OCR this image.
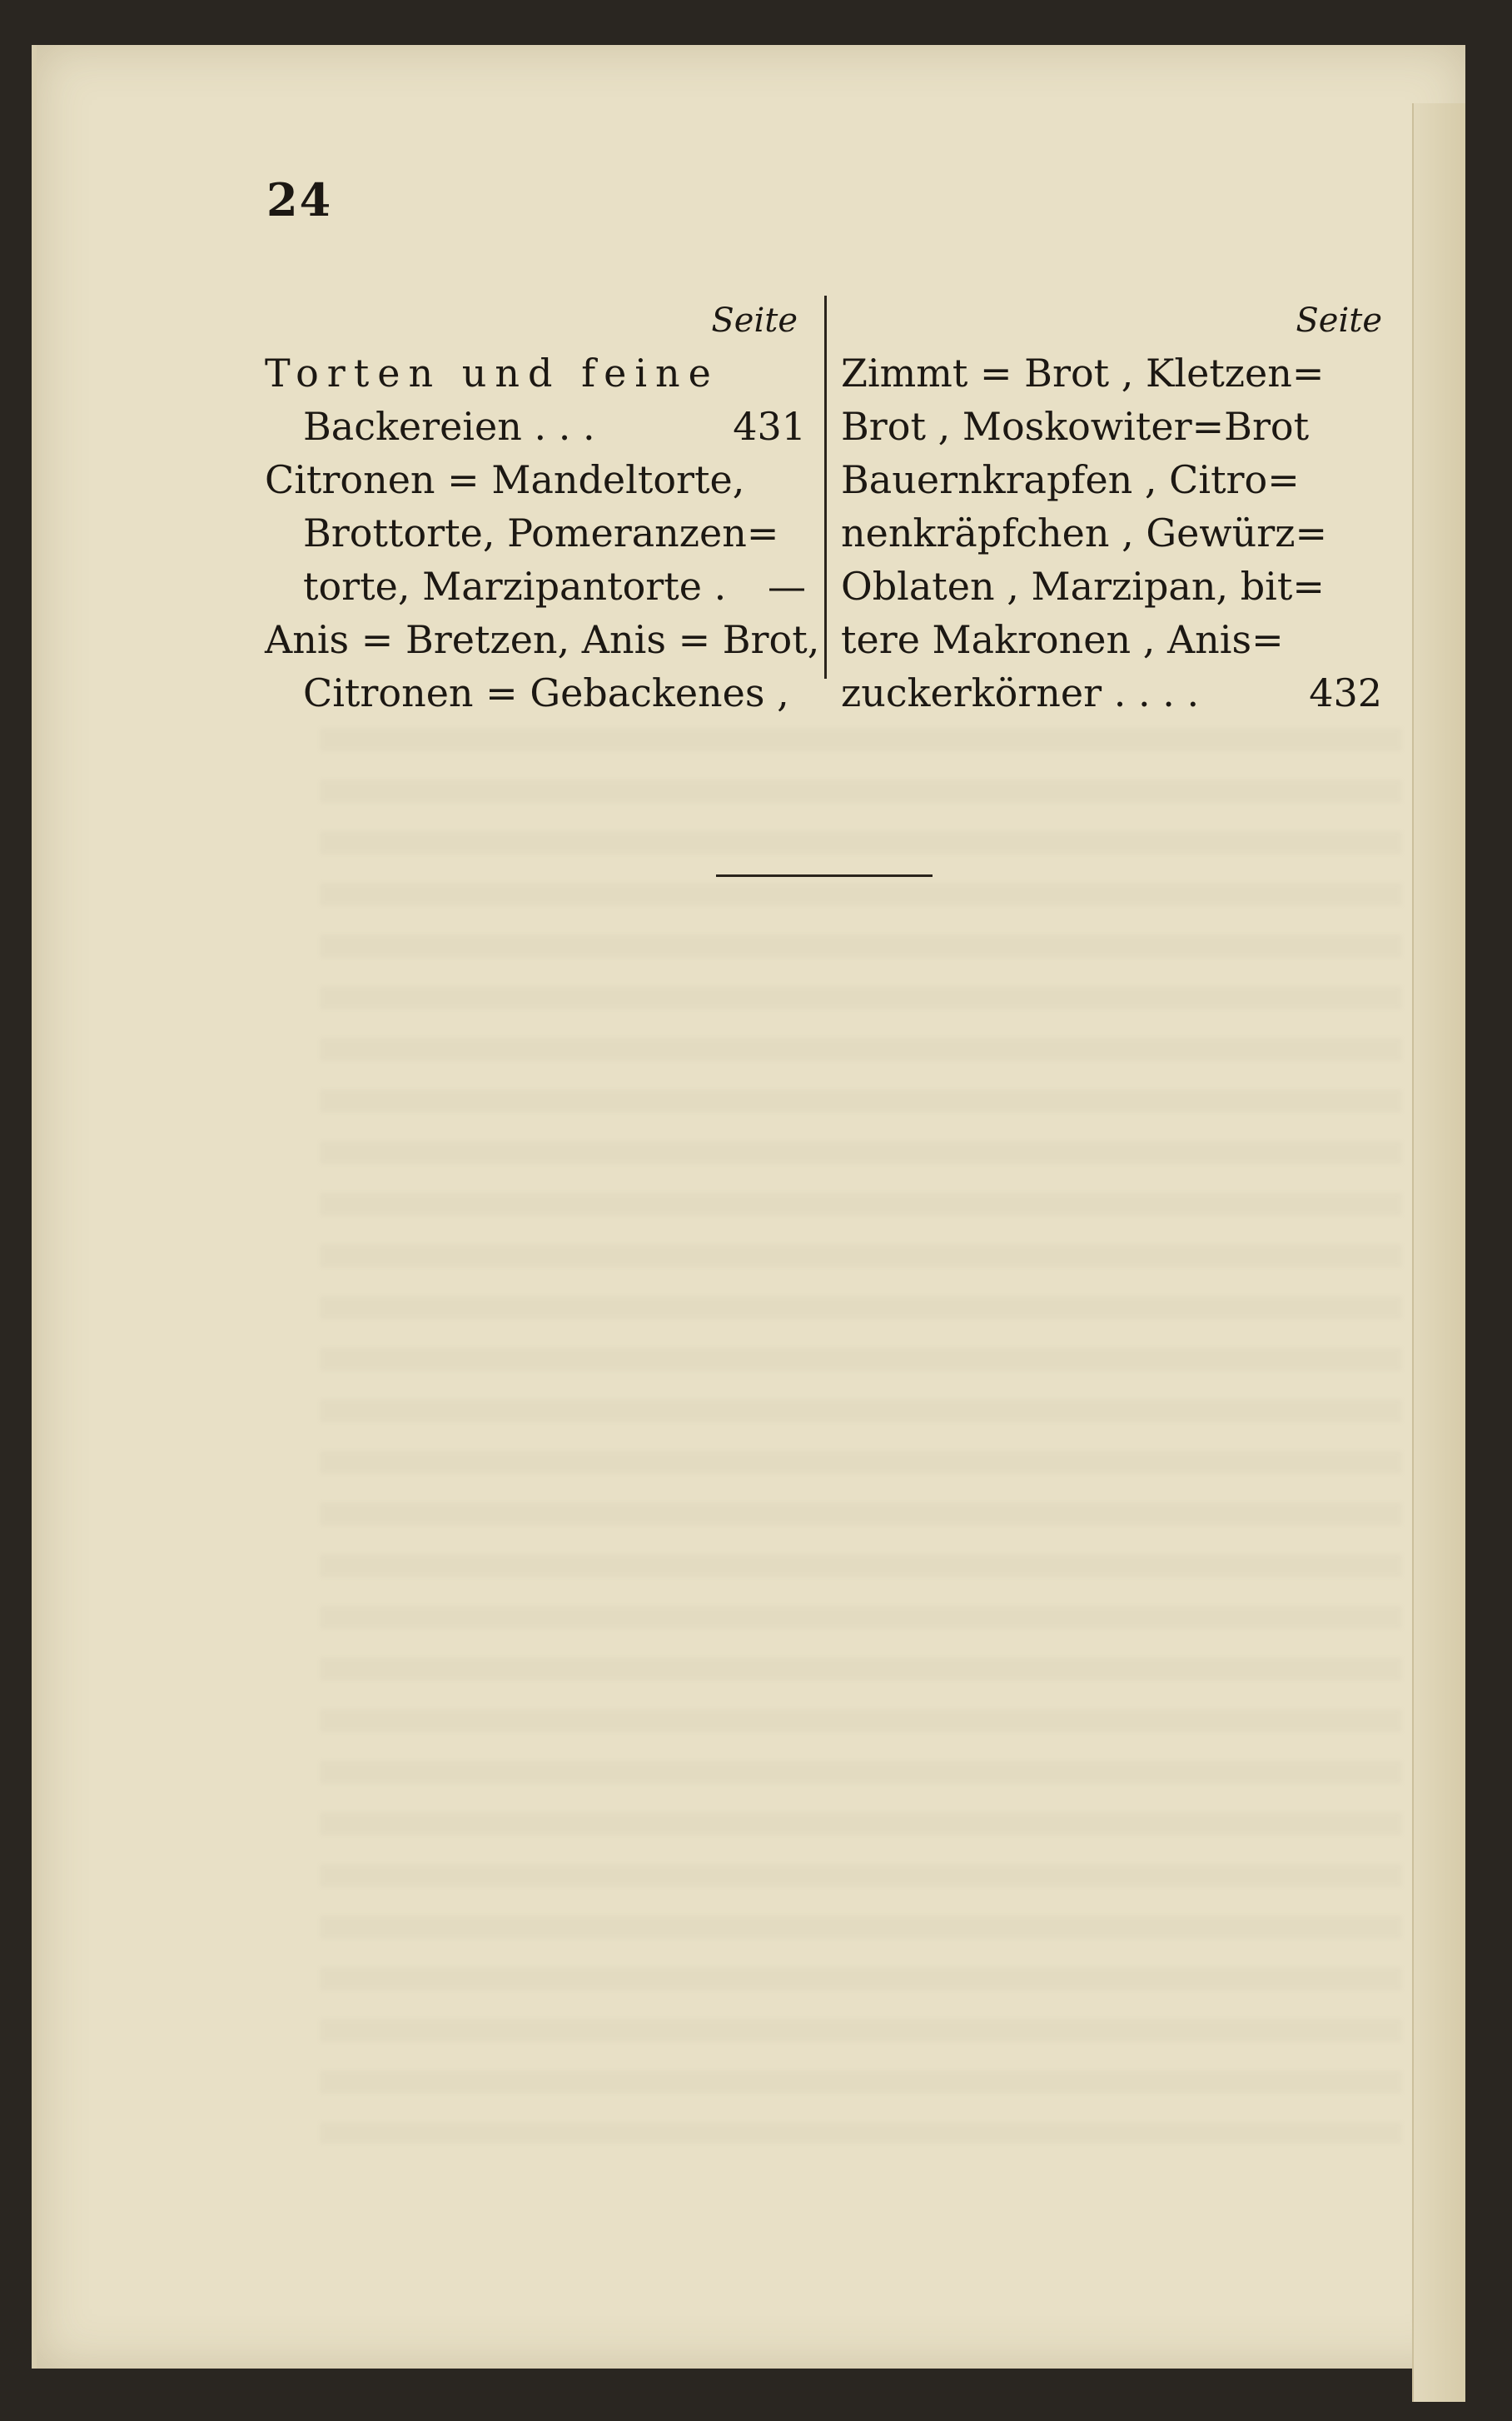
24
Seite
Torten und feine
Backereien . . .	431
Citronen = Mandeltorte,
Brottorte, Pomeranzen=
torte, Marzipantorte .	—
Anis = Bretzen, Anis = Brot,
Citronen = Gebackenes ,
Seite
Zimmt = Brot , Kletzen=
Brot , Moskowiter=Brot
Bauernkrapfen , Citro=
nenkräpfchen , Gewürz=
Oblaten , Marzipan, bit=
tere Makronen , Anis=
zuckerkörner . . . .	432
